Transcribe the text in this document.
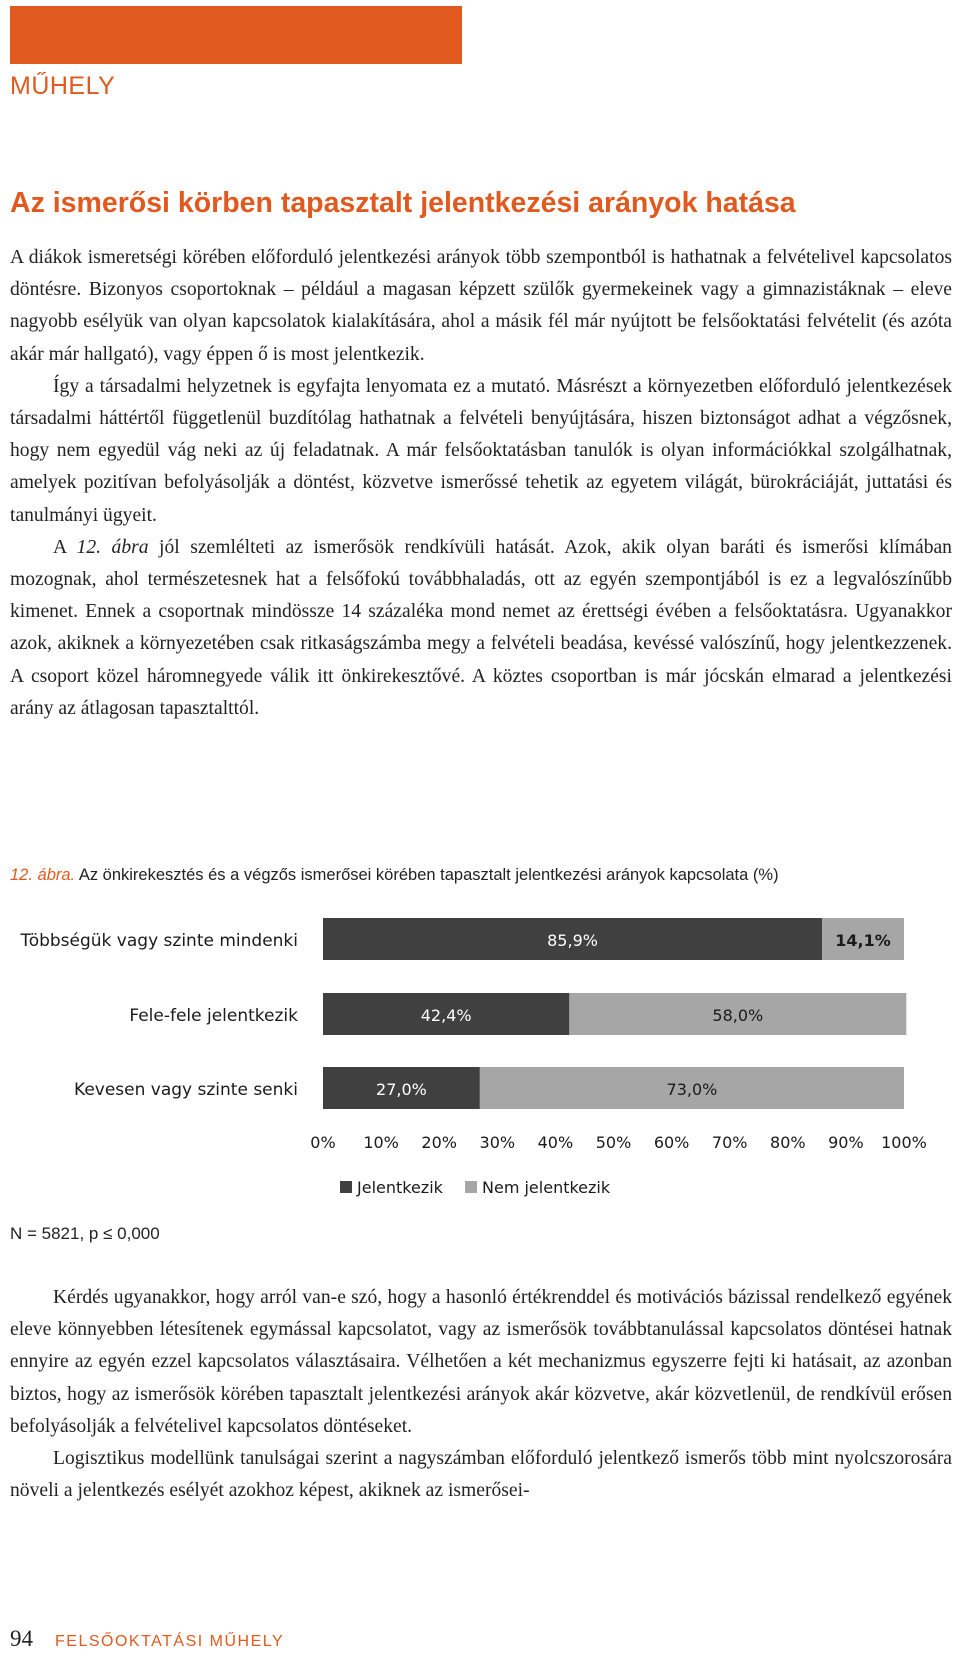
MŰHELY
Az ismerősi körben tapasztalt jelentkezési arányok hatása

A diákok ismeretségi körében előforduló jelentkezési arányok több szempontból is hathatnak a felvételivel kapcsolatos döntésre. Bizonyos csoportoknak – például a magasan képzett szülők gyermekeinek vagy a gimnazistáknak – eleve nagyobb esélyük van olyan kapcsolatok kialakítására, ahol a másik fél már nyújtott be felsőoktatási felvételit (és azóta akár már hallgató), vagy éppen ő is most jelentkezik.

Így a társadalmi helyzetnek is egyfajta lenyomata ez a mutató. Másrészt a környezetben előforduló jelentkezések társadalmi háttértől függetlenül buzdítólag hathatnak a felvételi benyújtására, hiszen biztonságot adhat a végzősnek, hogy nem egyedül vág neki az új feladatnak. A már felsőoktatásban tanulók is olyan információkkal szolgálhatnak, amelyek pozitívan befolyásolják a döntést, közvetve ismerőssé tehetik az egyetem világát, bürokráciáját, juttatási és tanulmányi ügyeit.

A 12. ábra jól szemlélteti az ismerősök rendkívüli hatását. Azok, akik olyan baráti és ismerősi klímában mozognak, ahol természetesnek hat a felsőfokú továbbhaladás, ott az egyén szempontjából is ez a legvalószínűbb kimenet. Ennek a csoportnak mindössze 14 százaléka mond nemet az érettségi évében a felsőoktatásra. Ugyanakkor azok, akiknek a környezetében csak ritkaságszámba megy a felvételi beadása, kevéssé valószínű, hogy jelentkezzenek. A csoport közel háromnegyede válik itt önkirekesztővé. A köztes csoportban is már jócskán elmarad a jelentkezési arány az átlagosan tapasztalttól.

12. ábra. Az önkirekesztés és a végzős ismerősei körében tapasztalt jelentkezési arányok kapcsolata (%)
Többségük vagy szinte mindenki	85,9%	14,1%
Fele-fele jelentkezik	42,4%	58,0%
Kevesen vagy szinte senki	27,0%	73,0%
0% 10% 20% 30% 40% 50% 60% 70% 80% 90% 100%
Jelentkezik Nem jelentkezik
N = 5821, p ≤ 0,000

Kérdés ugyanakkor, hogy arról van-e szó, hogy a hasonló értékrenddel és motivációs bázissal rendelkező egyének eleve könnyebben létesítenek egymással kapcsolatot, vagy az ismerősök továbbtanulással kapcsolatos döntései hatnak ennyire az egyén ezzel kapcsolatos választásaira. Vélhetően a két mechanizmus egyszerre fejti ki hatásait, az azonban biztos, hogy az ismerősök körében tapasztalt jelentkezési arányok akár közvetve, akár közvetlenül, de rendkívül erősen befolyásolják a felvételivel kapcsolatos döntéseket.

Logisztikus modellünk tanulságai szerint a nagyszámban előforduló jelentkező ismerős több mint nyolcszorosára növeli a jelentkezés esélyét azokhoz képest, akiknek az ismerősei-

94 FELSŐOKTATÁSI MŰHELY
